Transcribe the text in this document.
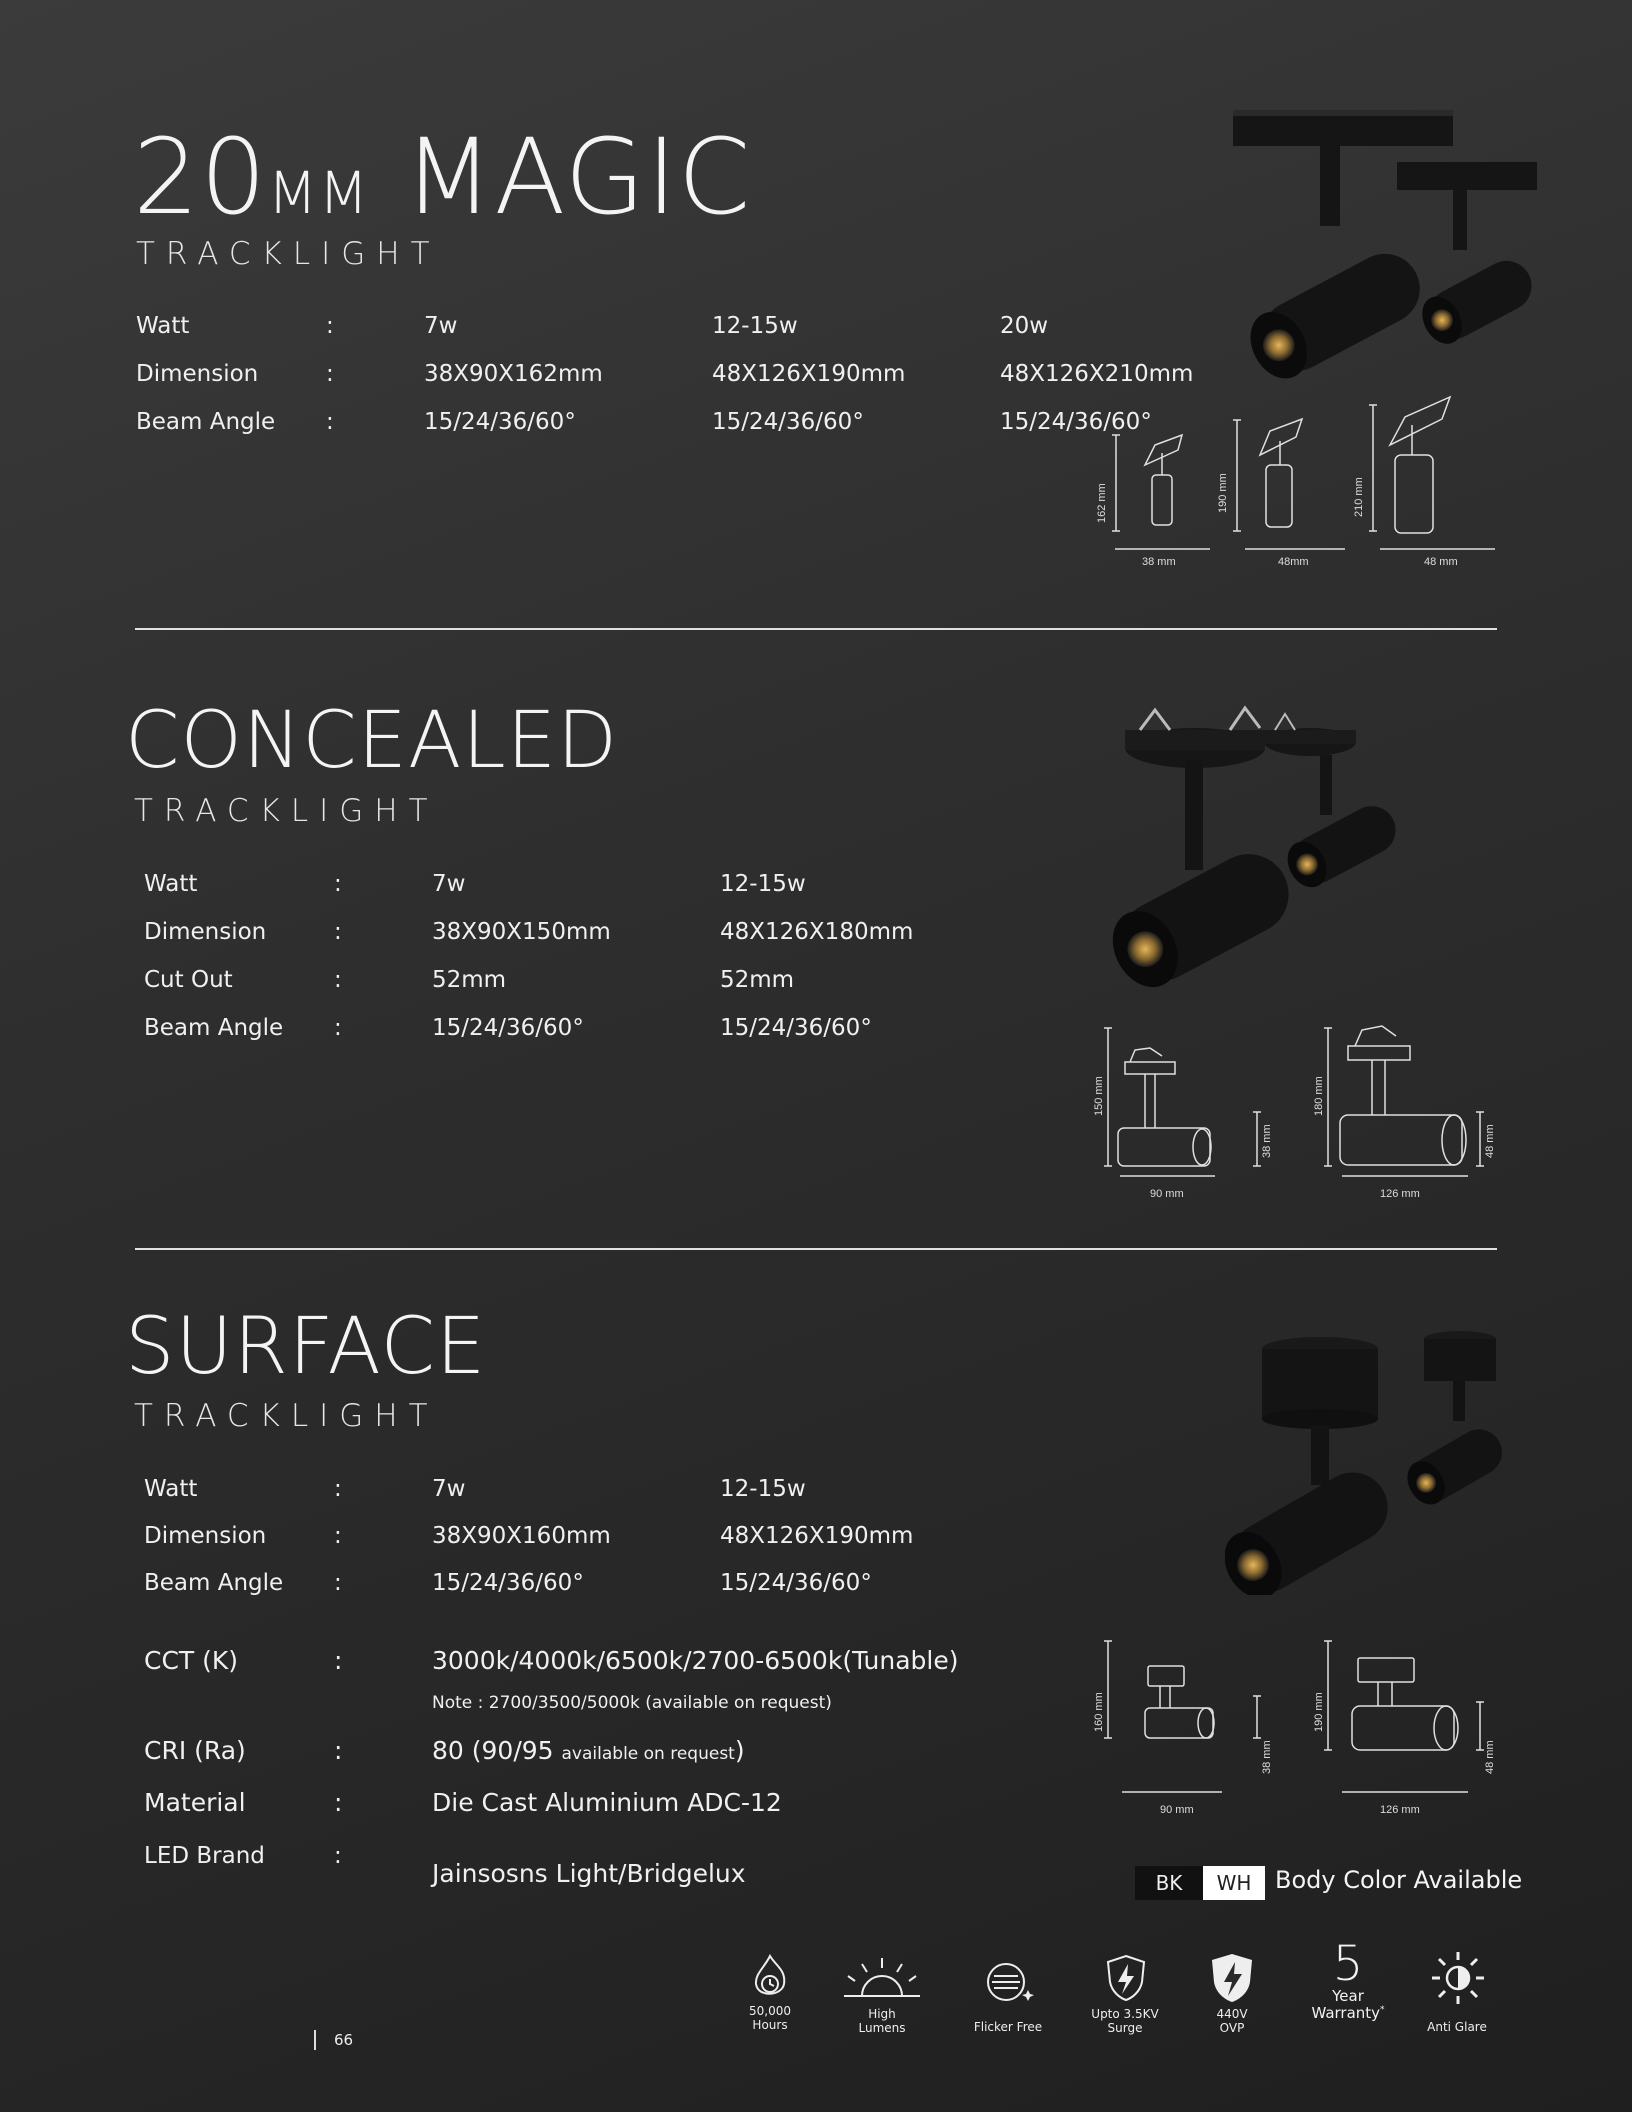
20MM MAGIC
TRACKLIGHT
Watt	:	7w	12-15w	20w
Dimension	:	38X90X162mm	48X126X190mm	48X126X210mm
Beam Angle :	15/24/36/60°	15/24/36/60°	15/24/36/60°
162 mm
38 mm
190 mm
48mm
210 mm
48 mm
CONCEALED
TRACKLIGHT
Watt	:	7w	12-15w
Dimension	:	38X90X150mm	48X126X180mm
Cut Out	:	52mm	52mm
Beam Angle :	15/24/36/60°	15/24/36/60°
150 mm
38 mm
90 mm
180 mm
48 mm
126 mm
SURFACE
TRACKLIGHT
Watt	:	7w	12-15w
Dimension	:	38X90X160mm	48X126X190mm
Beam Angle :	15/24/36/60°	15/24/36/60°
CCT (K)	:	3000k/4000k/6500k/2700-6500k(Tunable)
Note : 2700/3500/5000k (available on request)
CRI (Ra)	:	80 (90/95 available on request)
Material	:	Die Cast Aluminium ADC-12
LED Brand	:
Jainsosns Light/Bridgelux
160 mm
38 mm
90 mm
190 mm
48 mm
126 mm
BK	WH Body Color Available
50,000
Hours
High
Lumens	Flicker Free
Upto 3.5KV
Surge
440V
OVP
5
Year
Warranty*
Anti Glare
66
